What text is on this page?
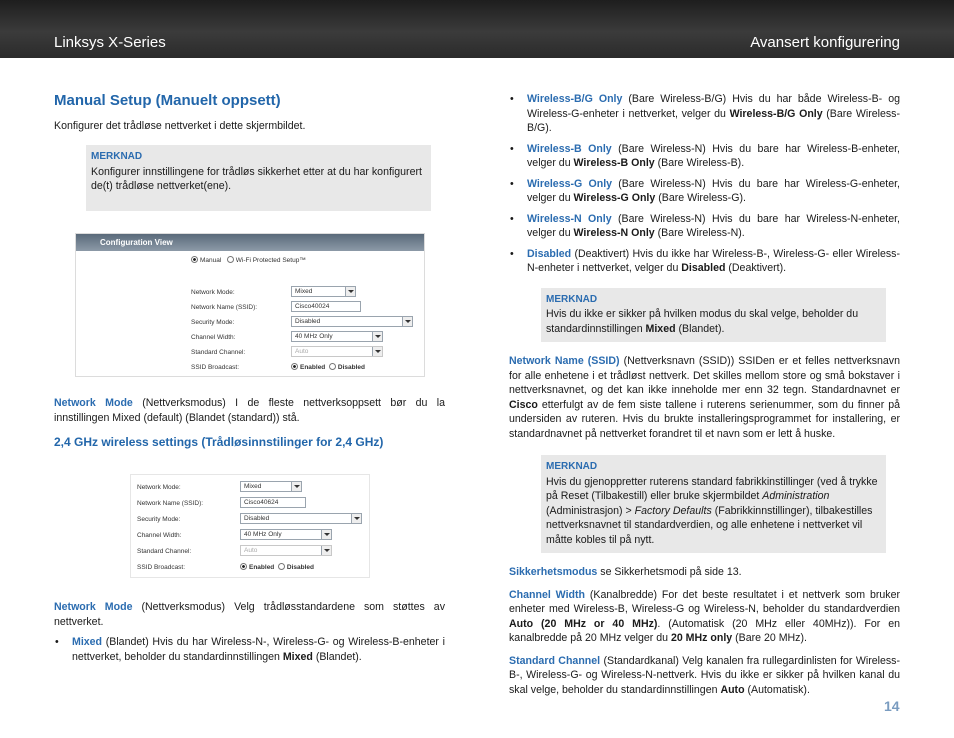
Linksys X-Series	Avansert konfigurering
Manual Setup (Manuelt oppsett)

Konfigurer det trådløse nettverket i dette skjermbildet.

MERKNAD
Konfigurer innstillingene for trådløs sikkerhet etter at du har konfigurert de(t) trådløse nettverket(ene).
Configuration View
Manual Wi-Fi Protected Setup™
Network Mode:	Mixed
Network Name (SSID):	Cisco40024
Security Mode:	Disabled
Channel Width:	40 MHz Only
Standard Channel:	Auto
SSID Broadcast:	Enabled Disabled

Network Mode (Nettverksmodus) I de fleste nettverksoppsett bør du la innstillingen Mixed (default) (Blandet (standard)) stå.

2,4 GHz wireless settings (Trådløsinnstilinger for 2,4 GHz)
Network Mode:	Mixed
Network Name (SSID):	Cisco40624
Security Mode:	Disabled
Channel Width:	40 MHz Only
Standard Channel:	Auto
SSID Broadcast:	Enabled Disabled

Network Mode (Nettverksmodus) Velg trådløsstandardene som støttes av nettverket.

• Mixed (Blandet) Hvis du har Wireless-N-, Wireless-G- og Wireless-B-enheter i nettverket, beholder du standardinnstillingen Mixed (Blandet).
• Wireless-B/G Only (Bare Wireless-B/G) Hvis du har både Wireless-B- og Wireless-G-enheter i nettverket, velger du Wireless-B/G Only (Bare Wireless-B/G).
• Wireless-B Only (Bare Wireless-N) Hvis du bare har Wireless-B-enheter, velger du Wireless-B Only (Bare Wireless-B).
• Wireless-G Only (Bare Wireless-N) Hvis du bare har Wireless-G-enheter, velger du Wireless-G Only (Bare Wireless-G).
• Wireless-N Only (Bare Wireless-N) Hvis du bare har Wireless-N-enheter, velger du Wireless-N Only (Bare Wireless-N).
• Disabled (Deaktivert) Hvis du ikke har Wireless-B-, Wireless-G- eller Wireless-N-enheter i nettverket, velger du Disabled (Deaktivert).
MERKNAD
Hvis du ikke er sikker på hvilken modus du skal velge, beholder du standardinnstillingen Mixed (Blandet).

Network Name (SSID) (Nettverksnavn (SSID)) SSIDen er et felles nettverksnavn for alle enhetene i et trådløst nettverk. Det skilles mellom store og små bokstaver i nettverksnavnet, og det kan ikke inneholde mer enn 32 tegn. Standardnavnet er Cisco etterfulgt av de fem siste tallene i ruterens serienummer, som du finner på undersiden av ruteren. Hvis du brukte installeringsprogrammet for installering, er standardnavnet på nettverket forandret til et navn som er lett å huske.

MERKNAD
Hvis du gjenoppretter ruterens standard fabrikkinstillinger (ved å trykke på Reset (Tilbakestill) eller bruke skjermbildet Administration (Administrasjon) > Factory Defaults (Fabrikkinnstillinger), tilbakestilles nettverksnavnet til standardverdien, og alle enhetene i nettverket vil måtte kobles til på nytt.

Sikkerhetsmodus se Sikkerhetsmodi på side 13.

Channel Width (Kanalbredde) For det beste resultatet i et nettverk som bruker enheter med Wireless-B, Wireless-G og Wireless-N, beholder du standardverdien Auto (20 MHz or 40 MHz). (Automatisk (20 MHz eller 40MHz)). For en kanalbredde på 20 MHz velger du 20 MHz only (Bare 20 MHz).

Standard Channel (Standardkanal) Velg kanalen fra rullegardinlisten for Wireless-B-, Wireless-G- og Wireless-N-nettverk. Hvis du ikke er sikker på hvilken kanal du skal velge, beholder du standardinnstillingen Auto (Automatisk).

14
